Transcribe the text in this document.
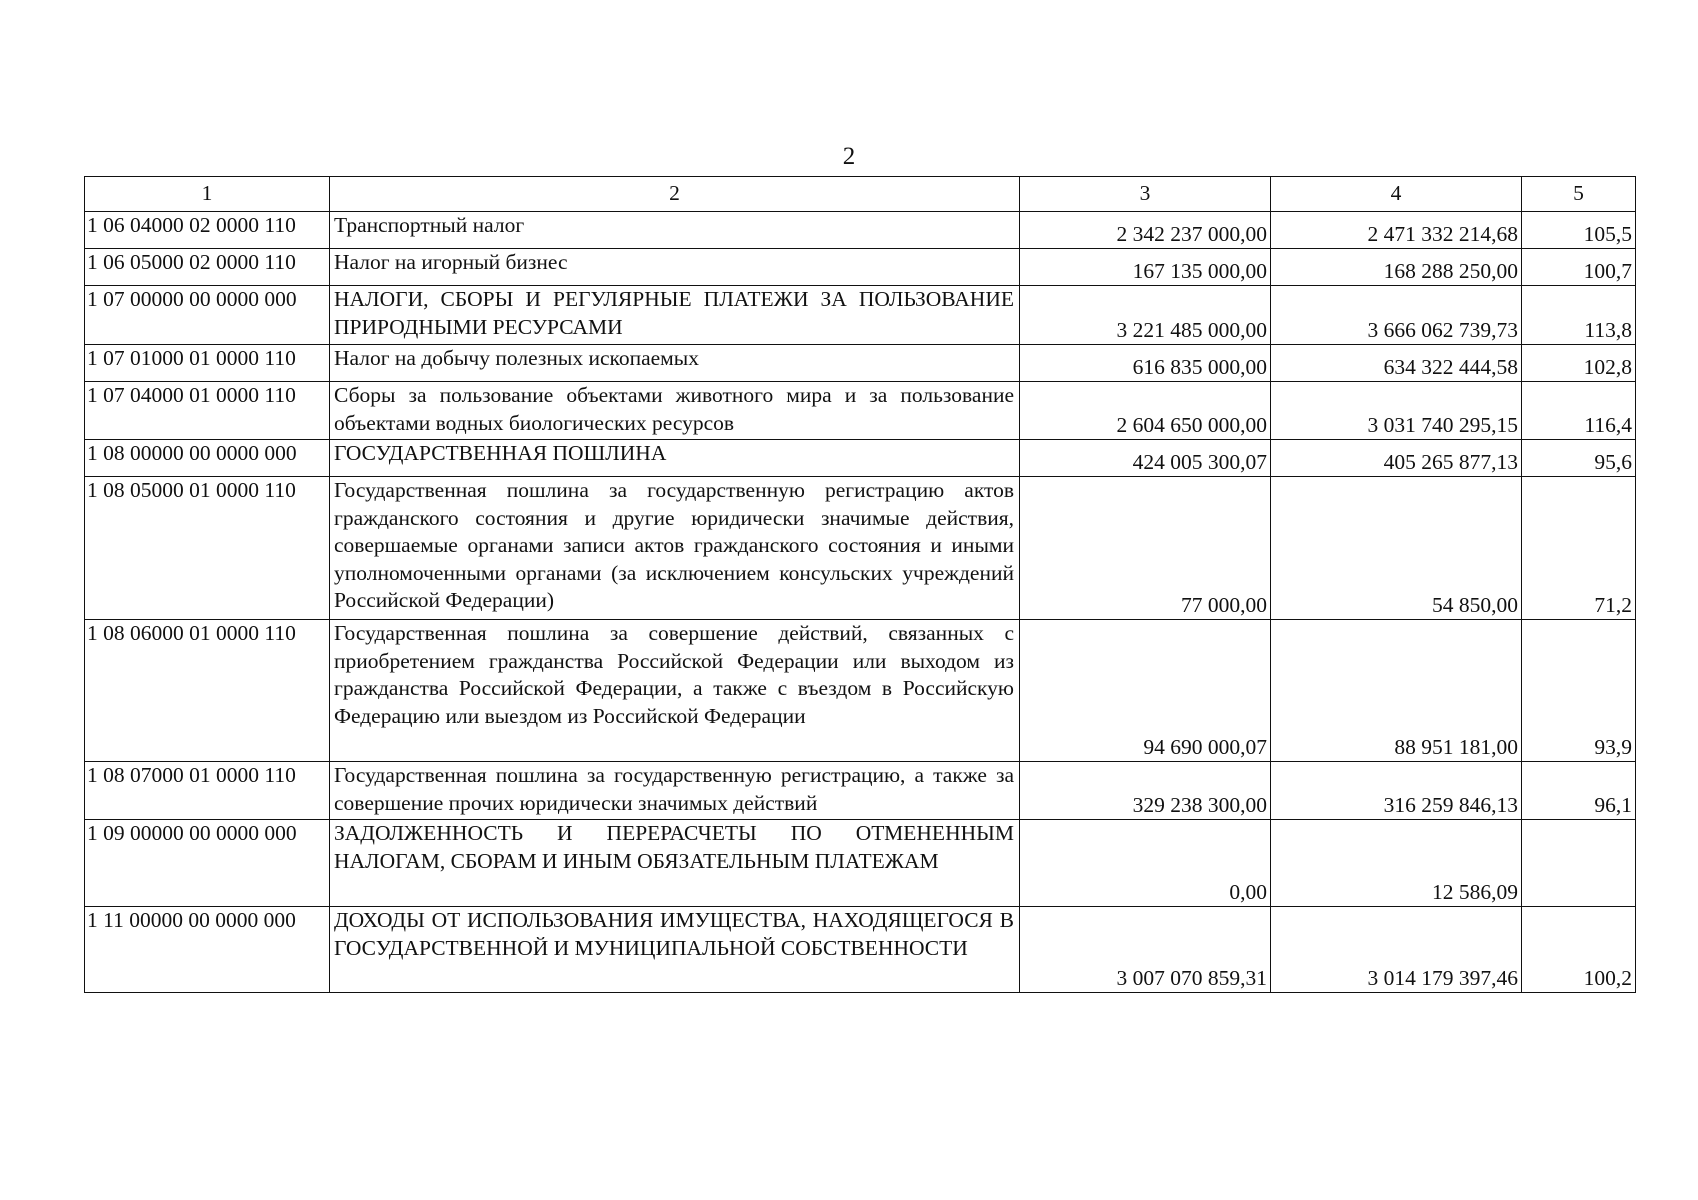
2
1	2	3	4	5
1 06 04000 02 0000 110	Транспортный налог	2 342 237 000,00	2 471 332 214,68	105,5
1 06 05000 02 0000 110	Налог на игорный бизнес	167 135 000,00	168 288 250,00	100,7
1 07 00000 00 0000 000	НАЛОГИ, СБОРЫ И РЕГУЛЯРНЫЕ ПЛАТЕЖИ ЗА ПОЛЬЗОВАНИЕ ПРИРОДНЫМИ РЕСУРСАМИ	3 221 485 000,00	3 666 062 739,73	113,8
1 07 01000 01 0000 110	Налог на добычу полезных ископаемых	616 835 000,00	634 322 444,58	102,8
1 07 04000 01 0000 110	Сборы за пользование объектами животного мира и за пользование объектами водных биологических ресурсов	2 604 650 000,00	3 031 740 295,15	116,4
1 08 00000 00 0000 000	ГОСУДАРСТВЕННАЯ ПОШЛИНА	424 005 300,07	405 265 877,13	95,6
1 08 05000 01 0000 110	Государственная пошлина за государственную регистрацию актов гражданского состояния и другие юридически значимые действия, совершаемые органами записи актов гражданского состояния и иными уполномоченными органами (за исключением консульских учреждений Российской Федерации)	77 000,00	54 850,00	71,2
1 08 06000 01 0000 110	Государственная пошлина за совершение действий, связанных с приобретением гражданства Российской Федерации или выходом из гражданства Российской Федерации, а также с въездом в Российскую Федерацию или выездом из Российской Федерации	94 690 000,07	88 951 181,00	93,9
1 08 07000 01 0000 110	Государственная пошлина за государственную регистрацию, а также за совершение прочих юридически значимых действий	329 238 300,00	316 259 846,13	96,1
1 09 00000 00 0000 000	ЗАДОЛЖЕННОСТЬ И ПЕРЕРАСЧЕТЫ ПО ОТМЕНЕННЫМ НАЛОГАМ, СБОРАМ И ИНЫМ ОБЯЗАТЕЛЬНЫМ ПЛАТЕЖАМ	0,00	12 586,09	
1 11 00000 00 0000 000	ДОХОДЫ ОТ ИСПОЛЬЗОВАНИЯ ИМУЩЕСТВА, НАХОДЯЩЕГОСЯ В ГОСУДАРСТВЕННОЙ И МУНИЦИПАЛЬНОЙ СОБСТВЕННОСТИ	3 007 070 859,31	3 014 179 397,46	100,2
